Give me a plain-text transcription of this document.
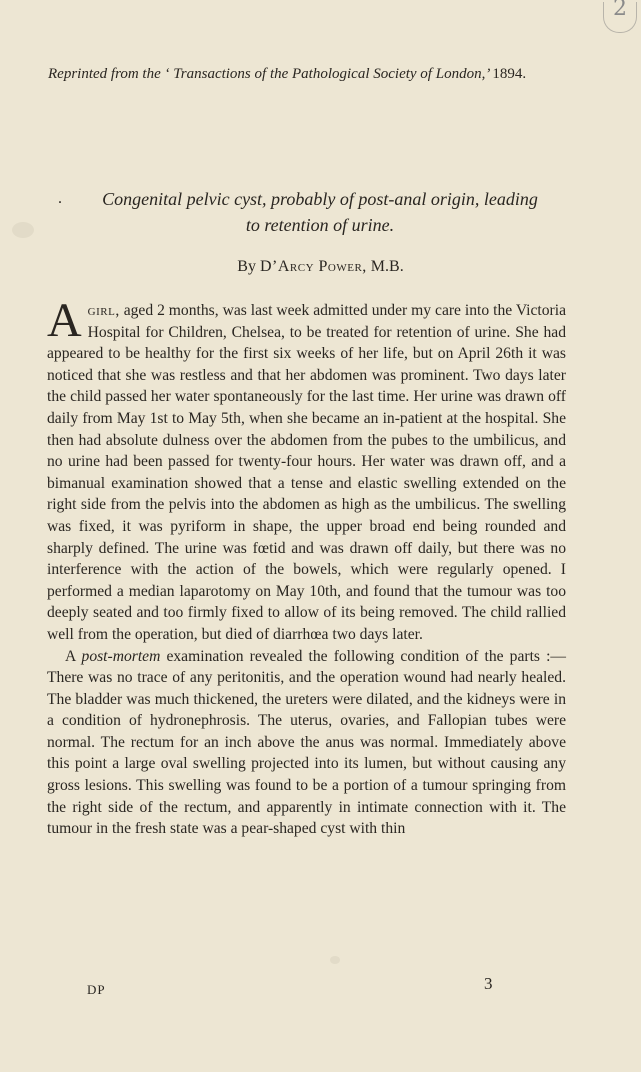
2
Reprinted from the ‘ Transactions of the Pathological Society of London,’ 1894.
.	Congenital pelvic cyst, probably of post-anal origin, leading
to retention of urine.
By D’Arcy Power, M.B.

Agirl, aged 2 months, was last week admitted under my care into the Victoria Hospital for Children, Chelsea, to be treated for retention of urine. She had appeared to be healthy for the first six weeks of her life, but on April 26th it was noticed that she was restless and that her abdomen was prominent. Two days later the child passed her water spontaneously for the last time. Her urine was drawn off daily from May 1st to May 5th, when she became an in-patient at the hospital. She then had absolute dulness over the abdomen from the pubes to the umbilicus, and no urine had been passed for twenty-four hours. Her water was drawn off, and a bimanual examination showed that a tense and elastic swelling extended on the right side from the pelvis into the abdomen as high as the umbilicus. The swelling was fixed, it was pyriform in shape, the upper broad end being rounded and sharply defined. The urine was fœtid and was drawn off daily, but there was no interference with the action of the bowels, which were regularly opened. I performed a median laparotomy on May 10th, and found that the tumour was too deeply seated and too firmly fixed to allow of its being removed. The child rallied well from the operation, but died of diarrhœa two days later.

A post-mortem examination revealed the following condition of the parts :—There was no trace of any peritonitis, and the operation wound had nearly healed. The bladder was much thickened, the ureters were dilated, and the kidneys were in a condition of hydronephrosis. The uterus, ovaries, and Fallopian tubes were normal. The rectum for an inch above the anus was normal. Immediately above this point a large oval swelling projected into its lumen, but without causing any gross lesions. This swelling was found to be a portion of a tumour springing from the right side of the rectum, and apparently in intimate connection with it. The tumour in the fresh state was a pear-shaped cyst with thin

DP	3
